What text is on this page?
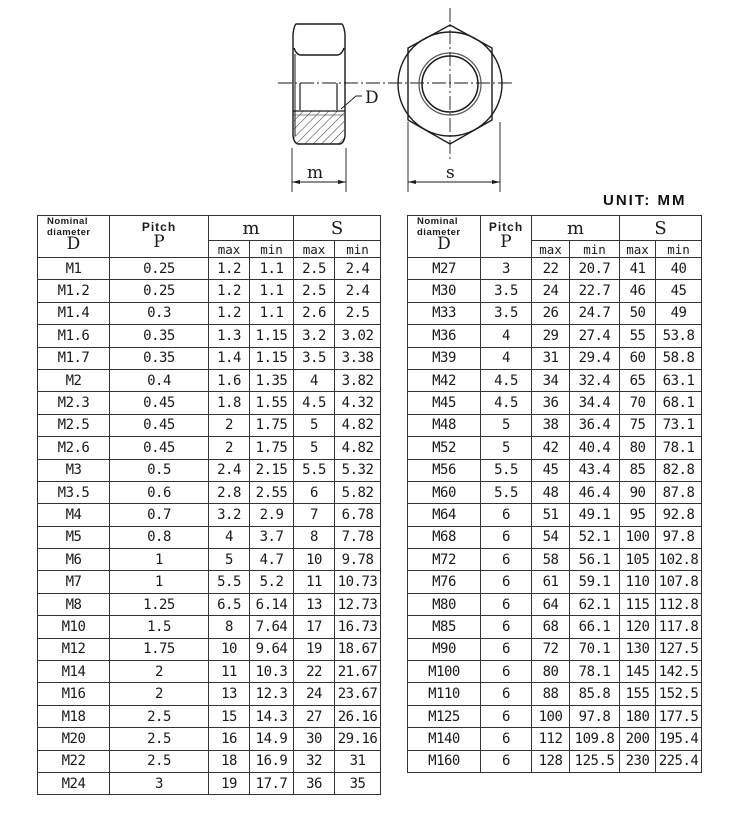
D
m	s
UNIT: MM
Nominal
diameter
D	Pitch
P	m		S	
		max	min	max	min
M1	0.25	1.2	1.1	2.5	2.4
M1.2	0.25	1.2	1.1	2.5	2.4
M1.4	0.3	1.2	1.1	2.6	2.5
M1.6	0.35	1.3	1.15	3.2	3.02
M1.7	0.35	1.4	1.15	3.5	3.38
M2	0.4	1.6	1.35	4	3.82
M2.3	0.45	1.8	1.55	4.5	4.32
M2.5	0.45	2	1.75	5	4.82
M2.6	0.45	2	1.75	5	4.82
M3	0.5	2.4	2.15	5.5	5.32
M3.5	0.6	2.8	2.55	6	5.82
M4	0.7	3.2	2.9	7	6.78
M5	0.8	4	3.7	8	7.78
M6	1	5	4.7	10	9.78
M7	1	5.5	5.2	11	10.73
M8	1.25	6.5	6.14	13	12.73
M10	1.5	8	7.64	17	16.73
M12	1.75	10	9.64	19	18.67
M14	2	11	10.3	22	21.67
M16	2	13	12.3	24	23.67
M18	2.5	15	14.3	27	26.16
M20	2.5	16	14.9	30	29.16
M22	2.5	18	16.9	32	31
M24	3	19	17.7	36	35
Nominal
diameter
D	Pitch
P	m		S	
		max	min	max	min
M27	3	22	20.7	41	40
M30	3.5	24	22.7	46	45
M33	3.5	26	24.7	50	49
M36	4	29	27.4	55	53.8
M39	4	31	29.4	60	58.8
M42	4.5	34	32.4	65	63.1
M45	4.5	36	34.4	70	68.1
M48	5	38	36.4	75	73.1
M52	5	42	40.4	80	78.1
M56	5.5	45	43.4	85	82.8
M60	5.5	48	46.4	90	87.8
M64	6	51	49.1	95	92.8
M68	6	54	52.1	100	97.8
M72	6	58	56.1	105	102.8
M76	6	61	59.1	110	107.8
M80	6	64	62.1	115	112.8
M85	6	68	66.1	120	117.8
M90	6	72	70.1	130	127.5
M100	6	80	78.1	145	142.5
M110	6	88	85.8	155	152.5
M125	6	100	97.8	180	177.5
M140	6	112	109.8	200	195.4
M160	6	128	125.5	230	225.4
